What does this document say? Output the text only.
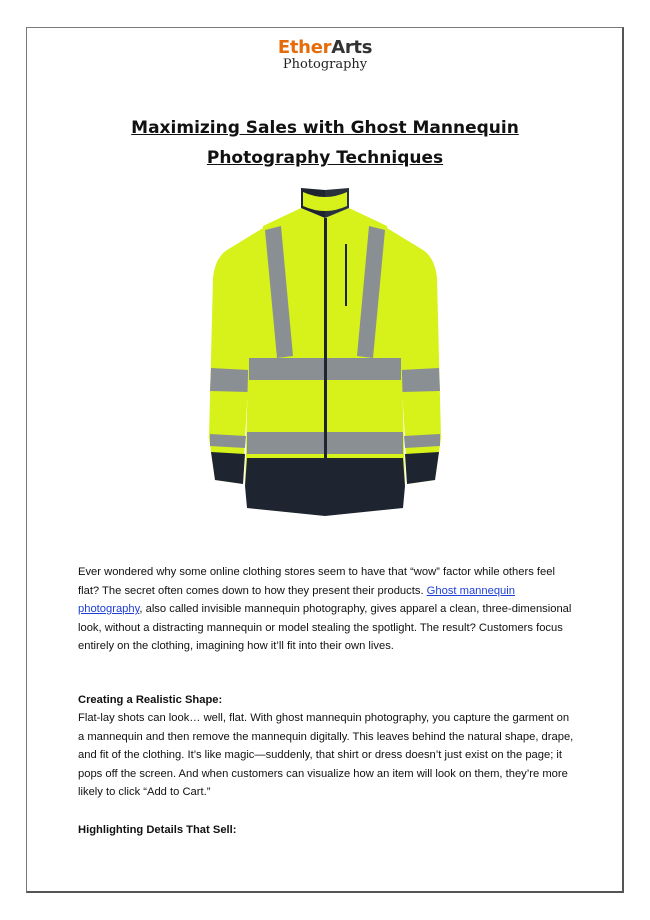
EtherArts
Photography
Maximizing Sales with Ghost Mannequin Photography Techniques
Ever wondered why some online clothing stores seem to have that “wow” factor while others feel flat? The secret often comes down to how they present their products. Ghost mannequin photography, also called invisible mannequin photography, gives apparel a clean, three-dimensional look, without a distracting mannequin or model stealing the spotlight. The result? Customers focus entirely on the clothing, imagining how it’ll fit into their own lives.
Creating a Realistic Shape:
Flat-lay shots can look… well, flat. With ghost mannequin photography, you capture the garment on a mannequin and then remove the mannequin digitally. This leaves behind the natural shape, drape, and fit of the clothing. It’s like magic—suddenly, that shirt or dress doesn’t just exist on the page; it pops off the screen. And when customers can visualize how an item will look on them, they’re more likely to click “Add to Cart.”
Highlighting Details That Sell:
